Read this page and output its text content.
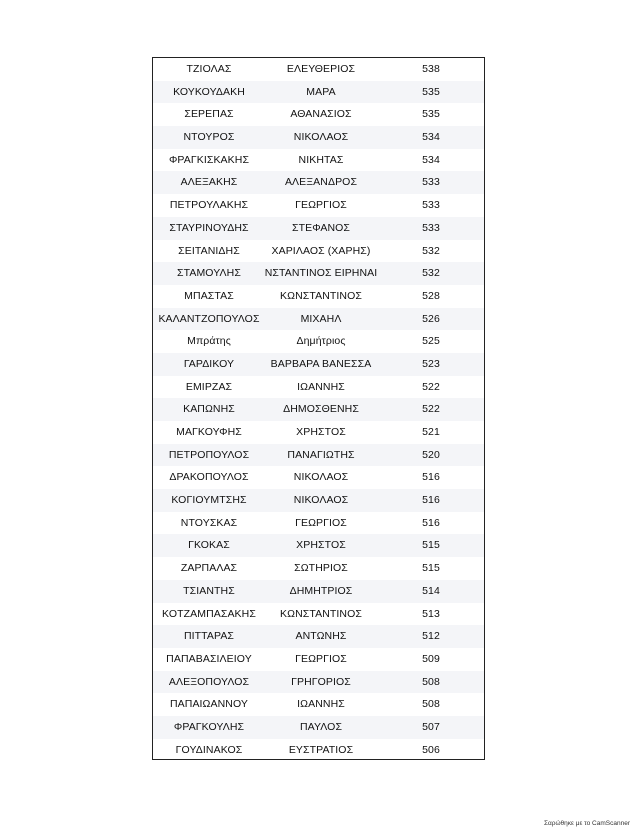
ΤΖΙΟΛΑΣ	ΕΛΕΥΘΕΡΙΟΣ	538
ΚΟΥΚΟΥΔΑΚΗ	ΜΑΡΑ	535
ΣΕΡΕΠΑΣ	ΑΘΑΝΑΣΙΟΣ	535
ΝΤΟΥΡΟΣ	ΝΙΚΟΛΑΟΣ	534
ΦΡΑΓΚΙΣΚΑΚΗΣ	ΝΙΚΗΤΑΣ	534
ΑΛΕΞΑΚΗΣ	ΑΛΕΞΑΝΔΡΟΣ	533
ΠΕΤΡΟΥΛΑΚΗΣ	ΓΕΩΡΓΙΟΣ	533
ΣΤΑΥΡΙΝΟΥΔΗΣ	ΣΤΕΦΑΝΟΣ	533
ΣΕΙΤΑΝΙΔΗΣ	ΧΑΡΙΛΑΟΣ (ΧΑΡΗΣ)	532
ΣΤΑΜΟΥΛΗΣ	ΝΣΤΑΝΤΙΝΟΣ ΕΙΡΗΝΑΙ	532
ΜΠΑΣΤΑΣ	ΚΩΝΣΤΑΝΤΙΝΟΣ	528
ΚΑΛΑΝΤΖΟΠΟΥΛΟΣ	ΜΙΧΑΗΛ	526
Μπράτης	Δημήτριος	525
ΓΑΡΔΙΚΟΥ	ΒΑΡΒΑΡΑ ΒΑΝΕΣΣΑ	523
ΕΜΙΡΖΑΣ	ΙΩΑΝΝΗΣ	522
ΚΑΠΩΝΗΣ	ΔΗΜΟΣΘΕΝΗΣ	522
ΜΑΓΚΟΥΦΗΣ	ΧΡΗΣΤΟΣ	521
ΠΕΤΡΟΠΟΥΛΟΣ	ΠΑΝΑΓΙΩΤΗΣ	520
ΔΡΑΚΟΠΟΥΛΟΣ	ΝΙΚΟΛΑΟΣ	516
ΚΟΓΙΟΥΜΤΣΗΣ	ΝΙΚΟΛΑΟΣ	516
ΝΤΟΥΣΚΑΣ	ΓΕΩΡΓΙΟΣ	516
ΓΚΟΚΑΣ	ΧΡΗΣΤΟΣ	515
ΖΑΡΠΑΛΑΣ	ΣΩΤΗΡΙΟΣ	515
ΤΣΙΑΝΤΗΣ	ΔΗΜΗΤΡΙΟΣ	514
ΚΟΤΖΑΜΠΑΣΑΚΗΣ	ΚΩΝΣΤΑΝΤΙΝΟΣ	513
ΠΙΤΤΑΡΑΣ	ΑΝΤΩΝΗΣ	512
ΠΑΠΑΒΑΣΙΛΕΙΟΥ	ΓΕΩΡΓΙΟΣ	509
ΑΛΕΞΟΠΟΥΛΟΣ	ΓΡΗΓΟΡΙΟΣ	508
ΠΑΠΑΙΩΑΝΝΟΥ	ΙΩΑΝΝΗΣ	508
ΦΡΑΓΚΟΥΛΗΣ	ΠΑΥΛΟΣ	507
ΓΟΥΔΙΝΑΚΟΣ	ΕΥΣΤΡΑΤΙΟΣ	506
Σαρώθηκε με το CamScanner
